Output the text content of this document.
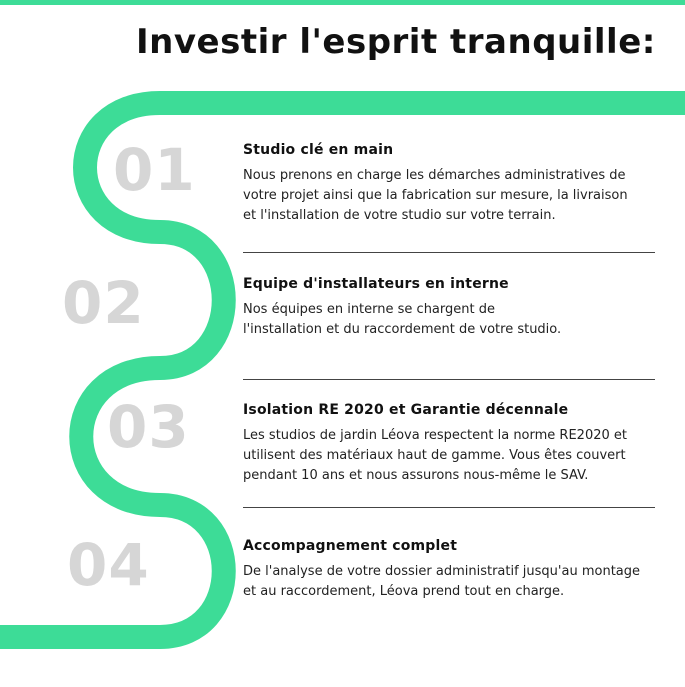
Investir l'esprit tranquille:
01
02
03
04
Studio clé en main

Nous prenons en charge les démarches administratives de
votre projet ainsi que la fabrication sur mesure, la livraison
et l'installation de votre studio sur votre terrain.

Equipe d'installateurs en interne

Nos équipes en interne se chargent de
l'installation et du raccordement de votre studio.

Isolation RE 2020 et Garantie décennale

Les studios de jardin Léova respectent la norme RE2020 et
utilisent des matériaux haut de gamme. Vous êtes couvert
pendant 10 ans et nous assurons nous-même le SAV.

Accompagnement complet

De l'analyse de votre dossier administratif jusqu'au montage
et au raccordement, Léova prend tout en charge.
